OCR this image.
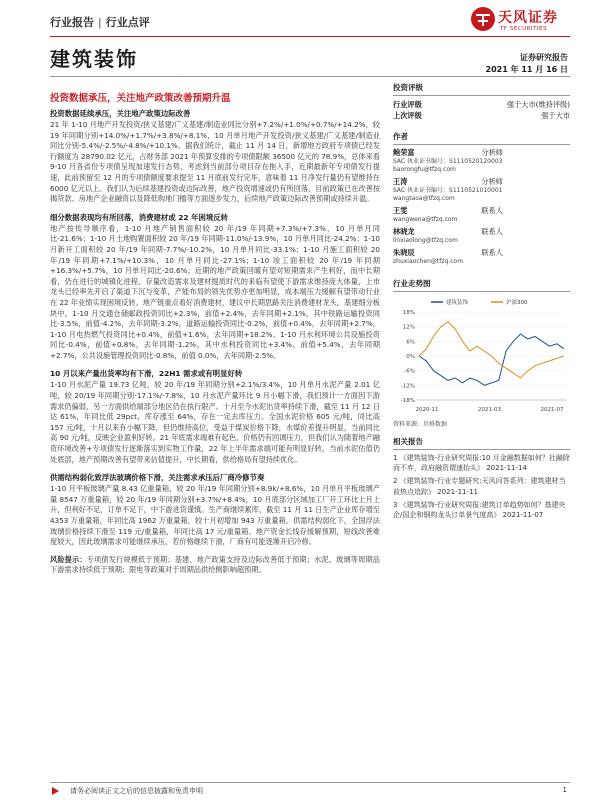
行业报告 | 行业点评	天风证券
TF SECURITIES
建筑装饰	证券研究报告
2021 年 11 月 16 日
投资数据承压，关注地产政策改善预期升温
投资数据延续承压，关注地产政策边际改善

21 年 1-10 月地产开发投资/狭义基建/广义基建/制造业同比分别+7.2%/+1.0%/+0.7%/+14.2%，较 19 年同期分别+14.0%/+1.7%/+3.8%/+8.1%，10 月单月地产开发投资/狭义基建/广义基建/制造业同比分别-5.4%/-2.5%/-4.8%/+10.1%。据我们统计，截止 11 月 14 日，新增地方政府专项债已经发行额度为 28790.02 亿元，占财务部 2021 年预算安排的专项债限额 36500 亿元的 78.9%，总体来看 9-10 月各省份专项债呈现加速发行态势，考虑到当前部分项目存在拖入手，近期最新年专项债发行提速，此前预留至 12 月的专项债额度要求提至 11 月底前发行完毕，意味着 11 月净发行量仍有望维持在 6000 亿元以上。我们认为后续基建投资或边际改善，地产投资增速或仍有所回落，目前政策已在改善按揭贷款、房地产企业融资以及降低购地门槛等方面逐步发力，后续地产政策边际改善预期或持续升温。

细分数据表现均有所回落，消费建材或 22 年困境反转

地产按传导顺序看，1-10 月地产销售面积较 20 年/19 年同期+7.3%/+7.3%，10 月单月同比-21.6%；1-10 月土地购置面积较 20 年/19 年同期-11.0%/-13.9%，10 月单月同比-24.2%；1-10 月新开工面积较 20 年/19 年同期-7.7%/-10.2%，10 月单月同比-33.1%；1-10 月施工面积较 20 年/19 年同期+7.1%/+10.3%，10 月单月同比-27.1%；1-10 竣工面积较 20 年/19 年同期+16.3%/+5.7%，10 月单月同比-20.6%；近期的地产政策回暖有望对短期需求产生利好，而中长期看，仍在进行的城镇化进程、存量改造需求及建材提质时代的来临有望使下游需求维持庞大体量，上市龙头已经率先开启了渠道下沉与变革，产能布局的领先优势亦更加明显，成本端压力缓解有望带动行业在 22 年业绩实现困境反转。地产链重点看好消费建材，建议中长期思路关注消费建材龙头。基建细分板块中，1-10 月交通仓储邮政投资同比+2.3%，前值+2.4%，去年同期+2.1%，其中铁路运输投资同比-3.5%，前值-4.2%，去年同期-3.2%，道路运输投资同比-0.2%，前值+0.4%，去年同期+2.7%，1-10 月电热燃气投资同比+0.4%，前值+1.6%，去年同期+18.2%。1-10 月水利环境公共设施投资同比-0.4%，前值+0.8%，去年同期-1.2%，其中水利投资同比+3.4%，前值+5.4%，去年同期+2.7%，公共设施管理投资同比-0.8%，前值 0.0%，去年同期-2.5%。

10 月以来产量出货率均有下滑，22H1 需求或有明显好转

1-10 月水泥产量 19.73 亿吨，较 20 年/19 年同期分别+2.1%/3.4%，10 月单月水泥产量 2.01 亿吨，较 20/19 年同期分别-17.1%/-7.8%，10 月水泥产量环比 9 月小幅下滑，我们预计一方面因下游需求仍偏弱，另一方面供给端部分地区仍在执行限产。十月至今水泥出货率持续下滑，截至 11 月 12 日达 61%，年同比低 29pct，库存涨至 64%，存在一定去库压力。全国水泥价格 605 元/吨，同比高 157 元/吨，十月以来有小幅下降，但仍维持高位，受益于煤炭价格下降，水煤价差提升明显，当前同比高 90 元/吨，反映企业盈利好转。21 年底需求端难有起色，价格仍有回调压力，但我们认为随着地产融资环境改善+专项债发行逐渐落实到实物工作量，22 年上半年需求端可能有明显好转，当前水泥估值仍处底部，地产预期改善有望带来估值提升，中长期看，供给格局有望持续优化。

供需结构弱化致浮法玻璃价格下滑，关注需求承压后厂商冷修节奏

1-10 月平板玻璃产量 8.43 亿重量箱，较 20 年/19 年同期分别+8.9k/+8.6%，10 月单月平板玻璃产量 8547 万重量箱，较 20 年/19 年同期分别+3.7%/+8.4%，10 月底部分区域加工厂开工环比上月上升，但利好不足，订单不足下，中下游进货谨慎。生产商继续累库，截至 11 月 11 日生产企业库存增至 4353 万重量箱，年同比高 1962 万重量箱，较十月初增加 943 万重量箱。供需结构弱化下，全国浮法玻璃价格持续下滑至 119 元/重量箱，年同比高 17 元/重量箱。地产资金长线存缓解预期，短线改善难度较大，因此玻璃需求可能继续承压，若价格继续下滑，厂商有可能逐渐开启冷修。

风险提示：专项债发行规模低于预期；基建、地产政策支持及边际改善低于预期；水泥、玻璃等周期品下游需求持续低于预期；限电等政策对于周期品供给侧影响超预期。

投资评级
行业评级	强于大市(维持评级)
上次评级	强于大市
作者
鲍荣富	分析师
SAC 执业证书编号：S1110520120003
baorongfu@tfzq.com
王涛	分析师
SAC 执业证书编号：S1110521010001
wangtaoa@tfzq.com
王雯	联系人
wangwena@tfzq.com
林晓龙	联系人
linxiaolong@tfzq.com
朱晓辰	联系人
zhuxiaochen@tfzq.com
行业走势图
18%
12%
6%
0%
-6%
-12%
-18%
2020-11	2021-03	2021-07
建筑装饰	沪深300
资料来源：贝格数据
相关报告
1 《建筑装饰-行业研究周报:10 月金融数据如何？社融除而不弃，政府融资谓速抬头》 2021-11-14
2 《建筑装饰-行业专题研究:天风问答系列：建筑建材当前热点追踪》 2021-11-11
3 《建筑装饰-行业研究周报:建筑订单趋势如何？基建央企/国企和钢构龙头订单景气度高》 2021-11-07
请务必阅读正文之后的信息披露和免责申明	1
